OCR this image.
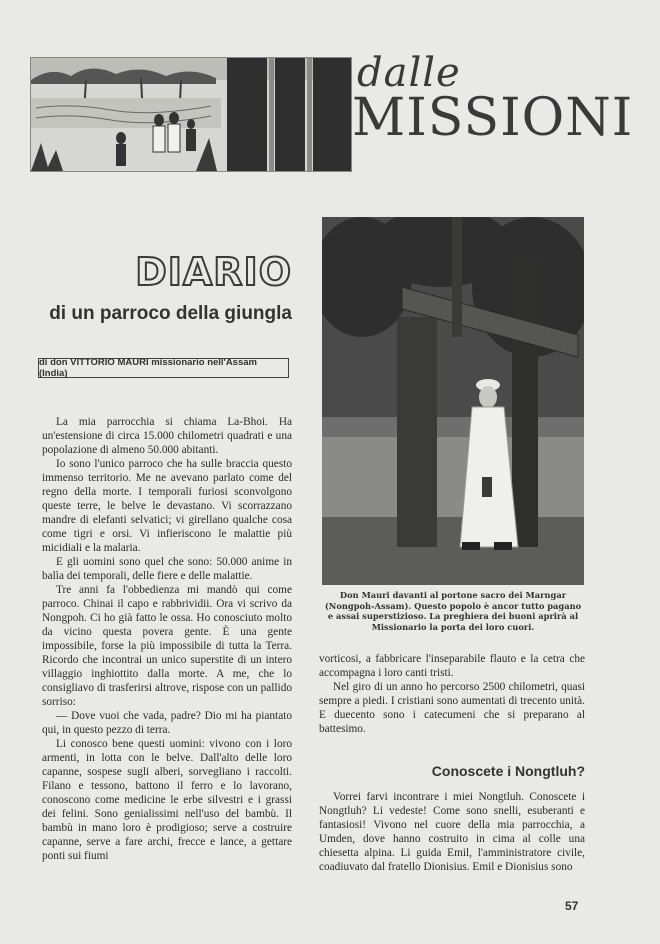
dalle
MISSIONI
DIARIO
di un parroco della giungla
di don VITTORIO MAURI missionario nell'Assam (India)

La mia parrocchia si chiama La-Bhoi. Ha un'estensione di circa 15.000 chilometri quadrati e una popolazione di almeno 50.000 abitanti.

Io sono l'unico parroco che ha sulle braccia questo immenso territorio. Me ne avevano parlato come del regno della morte. I temporali furiosi sconvolgono queste terre, le belve le devastano. Vi scorrazzano mandre di elefanti selvatici; vi girellano qualche cosa come tigri e orsi. Vi infieriscono le malattie più micidiali e la malaria.

E gli uomini sono quel che sono: 50.000 anime in balìa dei temporali, delle fiere e delle malattie.

Tre anni fa l'obbedienza mi mandò qui come parroco. Chinai il capo e rabbrividii. Ora vi scrivo da Nongpoh. Ci ho già fatto le ossa. Ho conosciuto molto da vicino questa povera gente. È una gente impossibile, forse la più impossibile di tutta la Terra. Ricordo che incontrai un unico superstite di un intero villaggio inghiottito dalla morte. A me, che lo consigliavo di trasferirsi altrove, rispose con un pallido sorriso:

— Dove vuoi che vada, padre? Dio mi ha piantato qui, in questo pezzo di terra.

Li conosco bene questi uomini: vivono con i loro armenti, in lotta con le belve. Dall'alto delle loro capanne, sospese sugli alberi, sorvegliano i raccolti. Filano e tessono, battono il ferro e lo lavorano, conoscono come medicine le erbe silvestri e i grassi dei felini. Sono genialissimi nell'uso del bambù. Il bambù in mano loro è prodigioso; serve a costruire capanne, serve a fare archi, frecce e lance, a gettare ponti sui fiumi

Don Mauri davanti al portone sacro dei Marngar (Nongpoh-Assam). Questo popolo è ancor tutto pagano e assai superstizioso. La preghiera dei buoni aprirà al Missionario la porta dei loro cuori.

vorticosi, a fabbricare l'inseparabile flauto e la cetra che accompagna i loro canti tristi.

Nel giro di un anno ho percorso 2500 chilometri, quasi sempre a piedi. I cristiani sono aumentati di trecento unità. E duecento sono i catecumeni che si preparano al battesimo.

Conoscete i Nongtluh?

Vorrei farvi incontrare i miei Nongtluh. Conoscete i Nongtluh? Li vedeste! Come sono snelli, esuberanti e fantasiosi! Vivono nel cuore della mia parrocchia, a Umden, dove hanno costruito in cima al colle una chiesetta alpina. Li guida Emil, l'amministratore civile, coadiuvato dal fratello Dionisius. Emil e Dionisius sono

57
